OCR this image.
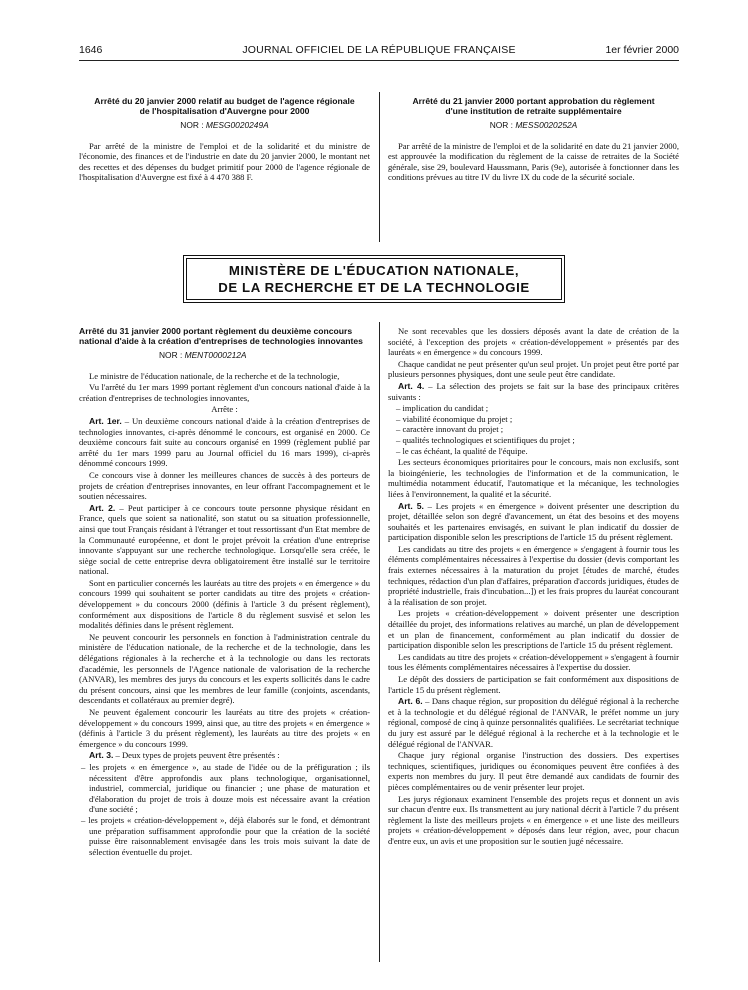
1646	JOURNAL OFFICIEL DE LA RÉPUBLIQUE FRANÇAISE	1er février 2000
Arrêté du 20 janvier 2000 relatif au budget de l'agence régionale de l'hospitalisation d'Auvergne pour 2000
NOR : MESG0020249A

Par arrêté de la ministre de l'emploi et de la solidarité et du ministre de l'économie, des finances et de l'industrie en date du 20 janvier 2000, le montant net des recettes et des dépenses du budget primitif pour 2000 de l'agence régionale de l'hospitalisation d'Auvergne est fixé à 4 470 388 F.

Arrêté du 21 janvier 2000 portant approbation du règlement d'une institution de retraite supplémentaire
NOR : MESS0020252A

Par arrêté de la ministre de l'emploi et de la solidarité en date du 21 janvier 2000, est approuvée la modification du règlement de la caisse de retraites de la Société générale, sise 29, boulevard Haussmann, Paris (9e), autorisée à fonctionner dans les conditions prévues au titre IV du livre IX du code de la sécurité sociale.

MINISTÈRE DE L'ÉDUCATION NATIONALE,
DE LA RECHERCHE ET DE LA TECHNOLOGIE
Arrêté du 31 janvier 2000 portant règlement du deuxième concours national d'aide à la création d'entreprises de technologies innovantes
NOR : MENT0000212A

Le ministre de l'éducation nationale, de la recherche et de la technologie,

Vu l'arrêté du 1er mars 1999 portant règlement d'un concours national d'aide à la création d'entreprises de technologies innovantes,

Arrête :

Art. 1er. – Un deuxième concours national d'aide à la création d'entreprises de technologies innovantes, ci-après dénommé le concours, est organisé en 2000. Ce deuxième concours fait suite au concours organisé en 1999 (règlement publié par arrêté du 1er mars 1999 paru au Journal officiel du 16 mars 1999), ci-après dénommé concours 1999.

Ce concours vise à donner les meilleures chances de succès à des porteurs de projets de création d'entreprises innovantes, en leur offrant l'accompagnement et le soutien nécessaires.

Art. 2. – Peut participer à ce concours toute personne physique résidant en France, quels que soient sa nationalité, son statut ou sa situation professionnelle, ainsi que tout Français résidant à l'étranger et tout ressortissant d'un Etat membre de la Communauté européenne, et dont le projet prévoit la création d'une entreprise innovante s'appuyant sur une recherche technologique. Lorsqu'elle sera créée, le siège social de cette entreprise devra obligatoirement être installé sur le territoire national.

Sont en particulier concernés les lauréats au titre des projets « en émergence » du concours 1999 qui souhaitent se porter candidats au titre des projets « création-développement » du concours 2000 (définis à l'article 3 du présent règlement), conformément aux dispositions de l'article 8 du règlement susvisé et selon les modalités définies dans le présent règlement.

Ne peuvent concourir les personnels en fonction à l'administration centrale du ministère de l'éducation nationale, de la recherche et de la technologie, dans les délégations régionales à la recherche et à la technologie ou dans les rectorats d'académie, les personnels de l'Agence nationale de valorisation de la recherche (ANVAR), les membres des jurys du concours et les experts sollicités dans le cadre du présent concours, ainsi que les membres de leur famille (conjoints, ascendants, descendants et collatéraux au premier degré).

Ne peuvent également concourir les lauréats au titre des projets « création-développement » du concours 1999, ainsi que, au titre des projets « en émergence » (définis à l'article 3 du présent règlement), les lauréats au titre des projets « en émergence » du concours 1999.

Art. 3. – Deux types de projets peuvent être présentés :

– les projets « en émergence », au stade de l'idée ou de la préfiguration ; ils nécessitent d'être approfondis aux plans technologique, organisationnel, industriel, commercial, juridique ou financier ; une phase de maturation et d'élaboration du projet de trois à douze mois est nécessaire avant la création d'une société ;
– les projets « création-développement », déjà élaborés sur le fond, et démontrant une préparation suffisamment approfondie pour que la création de la société puisse être raisonnablement envisagée dans les trois mois suivant la date de sélection éventuelle du projet.

Ne sont recevables que les dossiers déposés avant la date de création de la société, à l'exception des projets « création-développement » présentés par des lauréats « en émergence » du concours 1999.

Chaque candidat ne peut présenter qu'un seul projet. Un projet peut être porté par plusieurs personnes physiques, dont une seule peut être candidate.

Art. 4. – La sélection des projets se fait sur la base des principaux critères suivants :

– implication du candidat ;
– viabilité économique du projet ;
– caractère innovant du projet ;
– qualités technologiques et scientifiques du projet ;
– le cas échéant, la qualité de l'équipe.

Les secteurs économiques prioritaires pour le concours, mais non exclusifs, sont la bioingénierie, les technologies de l'information et de la communication, le multimédia notamment éducatif, l'automatique et la mécanique, les technologies liées à l'environnement, la qualité et la sécurité.

Art. 5. – Les projets « en émergence » doivent présenter une description du projet, détaillée selon son degré d'avancement, un état des besoins et des moyens souhaités et les partenaires envisagés, en suivant le plan indicatif du dossier de participation disponible selon les prescriptions de l'article 15 du présent règlement.

Les candidats au titre des projets « en émergence » s'engagent à fournir tous les éléments complémentaires nécessaires à l'expertise du dossier (devis comportant les frais externes nécessaires à la maturation du projet [études de marché, études techniques, rédaction d'un plan d'affaires, préparation d'accords juridiques, études de propriété industrielle, frais d'incubation...]) et les frais propres du lauréat concourant à la réalisation de son projet.

Les projets « création-développement » doivent présenter une description détaillée du projet, des informations relatives au marché, un plan de développement et un plan de financement, conformément au plan indicatif du dossier de participation disponible selon les prescriptions de l'article 15 du présent règlement.

Les candidats au titre des projets « création-développement » s'engagent à fournir tous les éléments complémentaires nécessaires à l'expertise du dossier.

Le dépôt des dossiers de participation se fait conformément aux dispositions de l'article 15 du présent règlement.

Art. 6. – Dans chaque région, sur proposition du délégué régional à la recherche et à la technologie et du délégué régional de l'ANVAR, le préfet nomme un jury régional, composé de cinq à quinze personnalités qualifiées. Le secrétariat technique du jury est assuré par le délégué régional à la recherche et à la technologie et le délégué régional de l'ANVAR.

Chaque jury régional organise l'instruction des dossiers. Des expertises techniques, scientifiques, juridiques ou économiques peuvent être confiées à des experts non membres du jury. Il peut être demandé aux candidats de fournir des pièces complémentaires ou de venir présenter leur projet.

Les jurys régionaux examinent l'ensemble des projets reçus et donnent un avis sur chacun d'entre eux. Ils transmettent au jury national décrit à l'article 7 du présent règlement la liste des meilleurs projets « en émergence » et une liste des meilleurs projets « création-développement » déposés dans leur région, avec, pour chacun d'entre eux, un avis et une proposition sur le soutien jugé nécessaire.
